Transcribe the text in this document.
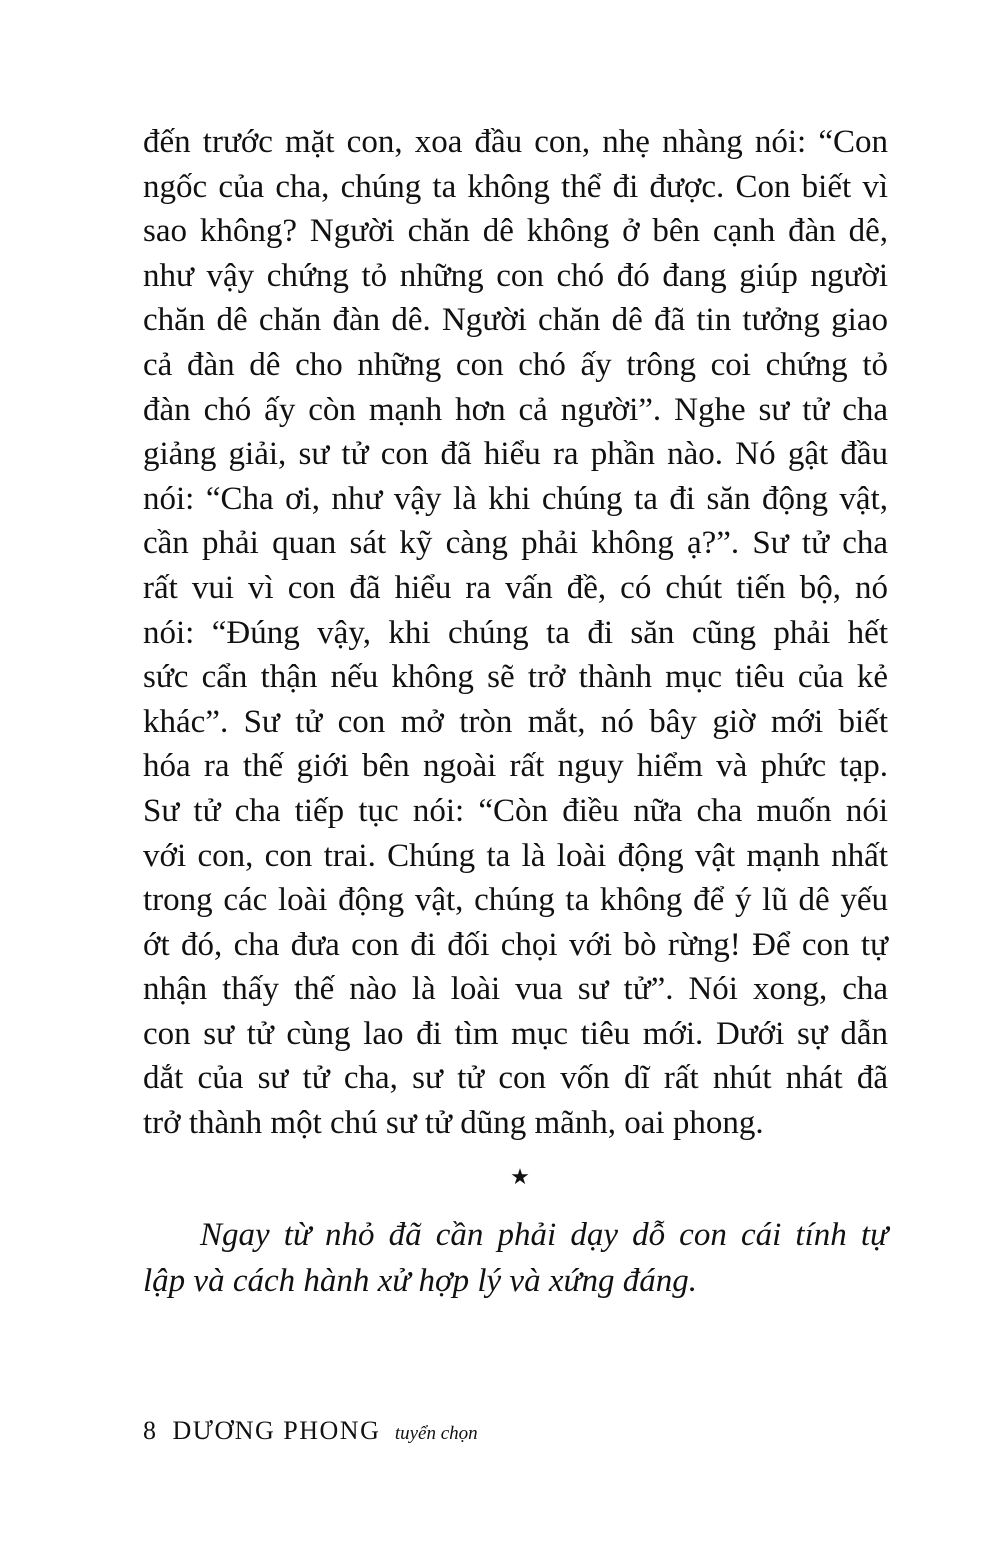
đến trước mặt con, xoa đầu con, nhẹ nhàng nói: “Con
ngốc của cha, chúng ta không thể đi được. Con biết vì
sao không? Người chăn dê không ở bên cạnh đàn dê,
như vậy chứng tỏ những con chó đó đang giúp người
chăn dê chăn đàn dê. Người chăn dê đã tin tưởng giao
cả đàn dê cho những con chó ấy trông coi chứng tỏ
đàn chó ấy còn mạnh hơn cả người”. Nghe sư tử cha
giảng giải, sư tử con đã hiểu ra phần nào. Nó gật đầu
nói: “Cha ơi, như vậy là khi chúng ta đi săn động vật,
cần phải quan sát kỹ càng phải không ạ?”. Sư tử cha
rất vui vì con đã hiểu ra vấn đề, có chút tiến bộ, nó
nói: “Đúng vậy, khi chúng ta đi săn cũng phải hết
sức cẩn thận nếu không sẽ trở thành mục tiêu của kẻ
khác”. Sư tử con mở tròn mắt, nó bây giờ mới biết
hóa ra thế giới bên ngoài rất nguy hiểm và phức tạp.
Sư tử cha tiếp tục nói: “Còn điều nữa cha muốn nói
với con, con trai. Chúng ta là loài động vật mạnh nhất
trong các loài động vật, chúng ta không để ý lũ dê yếu
ớt đó, cha đưa con đi đối chọi với bò rừng! Để con tự
nhận thấy thế nào là loài vua sư tử”. Nói xong, cha
con sư tử cùng lao đi tìm mục tiêu mới. Dưới sự dẫn
dắt của sư tử cha, sư tử con vốn dĩ rất nhút nhát đã
trở thành một chú sư tử dũng mãnh, oai phong.
★
Ngay từ nhỏ đã cần phải dạy dỗ con cái tính tự
lập và cách hành xử hợp lý và xứng đáng.
8 DƯƠNG PHONG tuyển chọn
